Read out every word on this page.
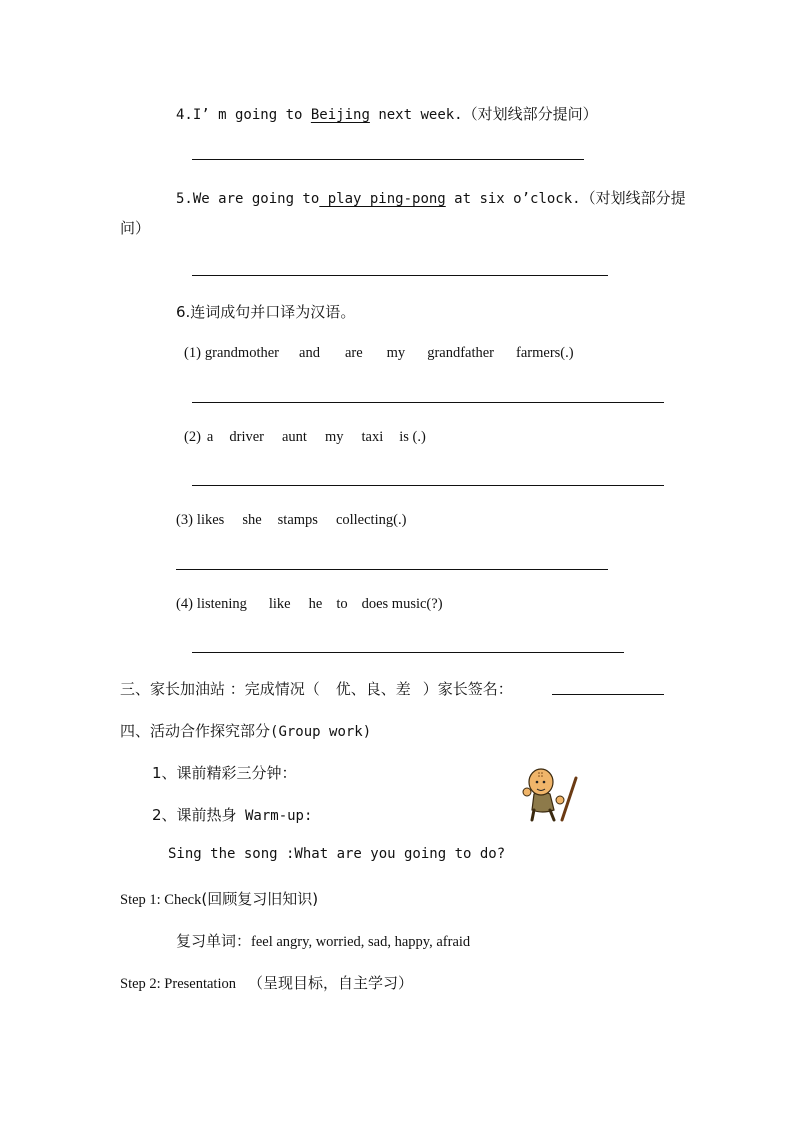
4.I’ m going to Beijing next week.（对划线部分提问）
5.We are going to play ping-pong at six o’clock.（对划线部分提
问）
6.连词成句并口译为汉语。
(1) grandmother and are my grandfather farmers(.)
(2) a driver aunt my taxi is (.)
(3) likes she stamps collecting(.)
(4) listening like he to does music(?)
三、家长加油站 ：完成情况（ 优、良、差 ）家长签名：
四、活动合作探究部分(Group work)
1、课前精彩三分钟：
2、课前热身 Warm-up:
Sing the song :What are you going to do?
Step 1: Check(回顾复习旧知识)
复习单词：feel angry, worried, sad, happy, afraid
Step 2: Presentation （呈现目标，自主学习）
